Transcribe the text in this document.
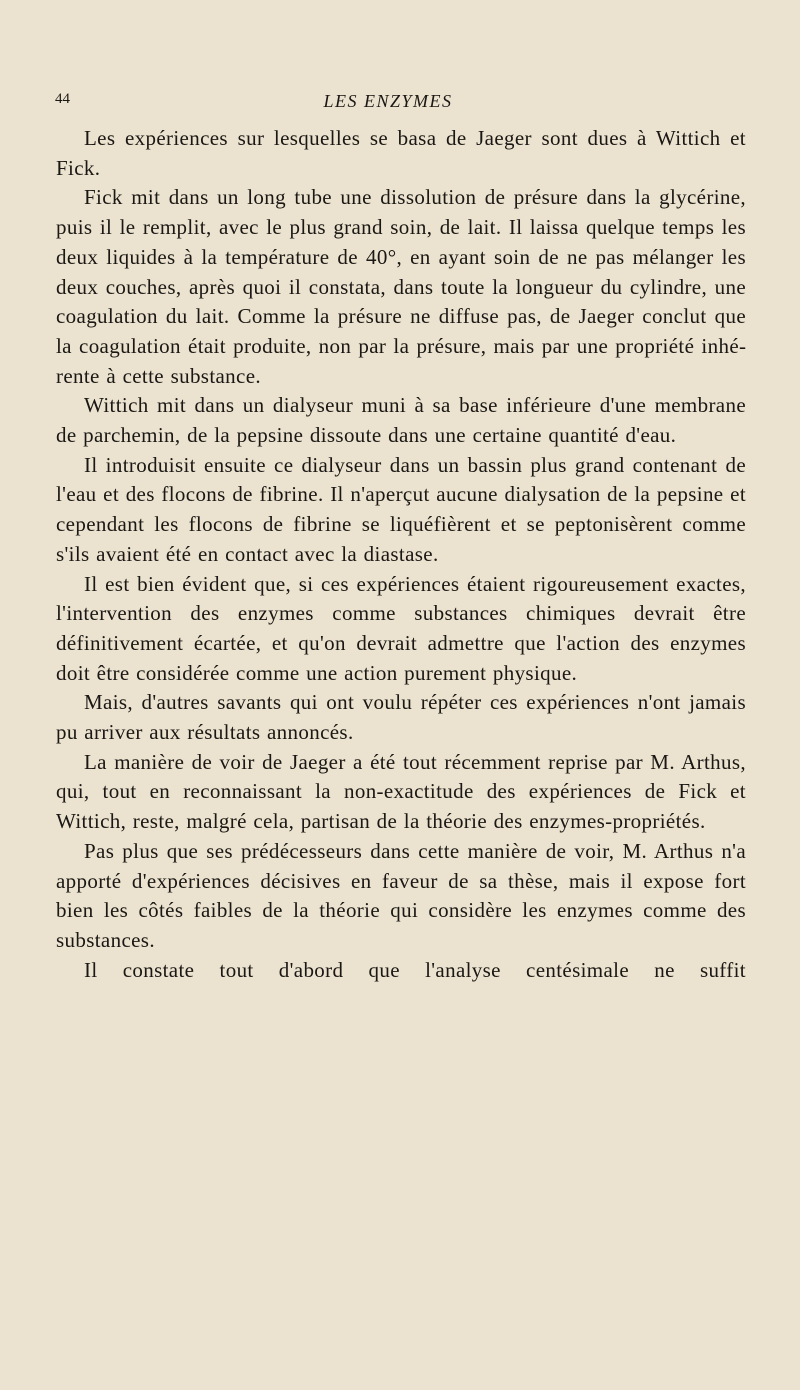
44	LES ENZYMES

Les expériences sur lesquelles se basa de Jaeger sont dues à Wittich et Fick.

Fick mit dans un long tube une dissolution de présure dans la glycérine, puis il le remplit, avec le plus grand soin, de lait. Il laissa quelque temps les deux liquides à la température de 40°, en ayant soin de ne pas mélanger les deux couches, après quoi il constata, dans toute la longueur du cylindre, une coagulation du lait. Comme la présure ne diffuse pas, de Jaeger conclut que la coagulation était produite, non par la présure, mais par une propriété inhérente à cette substance.

Wittich mit dans un dialyseur muni à sa base inférieure d'une membrane de parchemin, de la pepsine dissoute dans une certaine quantité d'eau.

Il introduisit ensuite ce dialyseur dans un bassin plus grand contenant de l'eau et des flocons de fibrine. Il n'aperçut aucune dialysation de la pepsine et cependant les flocons de fibrine se liquéfièrent et se peptonisèrent comme s'ils avaient été en contact avec la diastase.

Il est bien évident que, si ces expériences étaient rigoureusement exactes, l'intervention des enzymes comme substances chimiques devrait être définitivement écartée, et qu'on devrait admettre que l'action des enzymes doit être considérée comme une action purement physique.

Mais, d'autres savants qui ont voulu répéter ces expériences n'ont jamais pu arriver aux résultats annoncés.

La manière de voir de Jaeger a été tout récemment reprise par M. Arthus, qui, tout en reconnaissant la non-exactitude des expériences de Fick et Wittich, reste, malgré cela, partisan de la théorie des enzymes-propriétés.

Pas plus que ses prédécesseurs dans cette manière de voir, M. Arthus n'a apporté d'expériences décisives en faveur de sa thèse, mais il expose fort bien les côtés faibles de la théorie qui considère les enzymes comme des substances.

Il constate tout d'abord que l'analyse centésimale ne suffit
